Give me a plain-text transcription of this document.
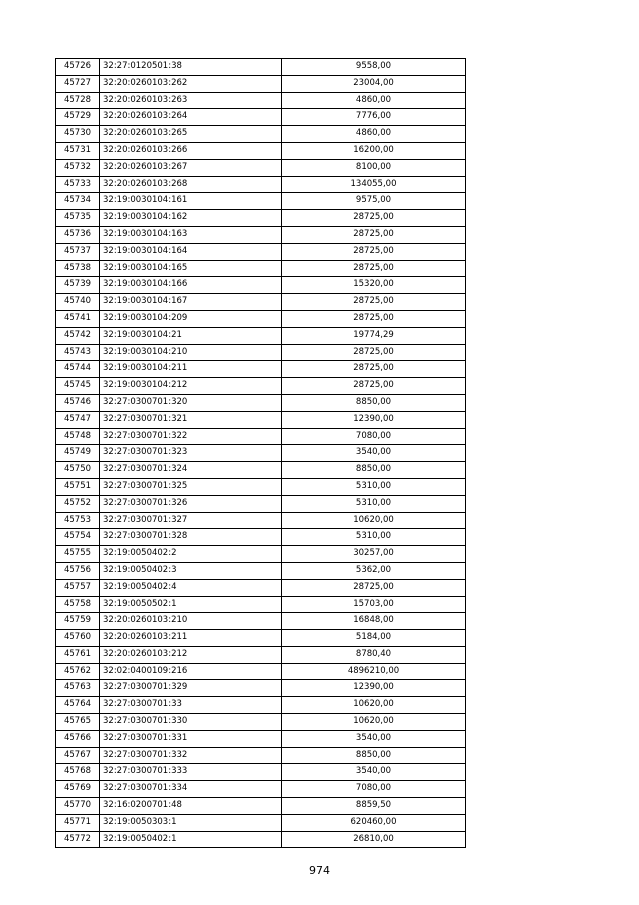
45726	32:27:0120501:38	9558,00
45727	32:20:0260103:262	23004,00
45728	32:20:0260103:263	4860,00
45729	32:20:0260103:264	7776,00
45730	32:20:0260103:265	4860,00
45731	32:20:0260103:266	16200,00
45732	32:20:0260103:267	8100,00
45733	32:20:0260103:268	134055,00
45734	32:19:0030104:161	9575,00
45735	32:19:0030104:162	28725,00
45736	32:19:0030104:163	28725,00
45737	32:19:0030104:164	28725,00
45738	32:19:0030104:165	28725,00
45739	32:19:0030104:166	15320,00
45740	32:19:0030104:167	28725,00
45741	32:19:0030104:209	28725,00
45742	32:19:0030104:21	19774,29
45743	32:19:0030104:210	28725,00
45744	32:19:0030104:211	28725,00
45745	32:19:0030104:212	28725,00
45746	32:27:0300701:320	8850,00
45747	32:27:0300701:321	12390,00
45748	32:27:0300701:322	7080,00
45749	32:27:0300701:323	3540,00
45750	32:27:0300701:324	8850,00
45751	32:27:0300701:325	5310,00
45752	32:27:0300701:326	5310,00
45753	32:27:0300701:327	10620,00
45754	32:27:0300701:328	5310,00
45755	32:19:0050402:2	30257,00
45756	32:19:0050402:3	5362,00
45757	32:19:0050402:4	28725,00
45758	32:19:0050502:1	15703,00
45759	32:20:0260103:210	16848,00
45760	32:20:0260103:211	5184,00
45761	32:20:0260103:212	8780,40
45762	32:02:0400109:216	4896210,00
45763	32:27:0300701:329	12390,00
45764	32:27:0300701:33	10620,00
45765	32:27:0300701:330	10620,00
45766	32:27:0300701:331	3540,00
45767	32:27:0300701:332	8850,00
45768	32:27:0300701:333	3540,00
45769	32:27:0300701:334	7080,00
45770	32:16:0200701:48	8859,50
45771	32:19:0050303:1	620460,00
45772	32:19:0050402:1	26810,00
974
